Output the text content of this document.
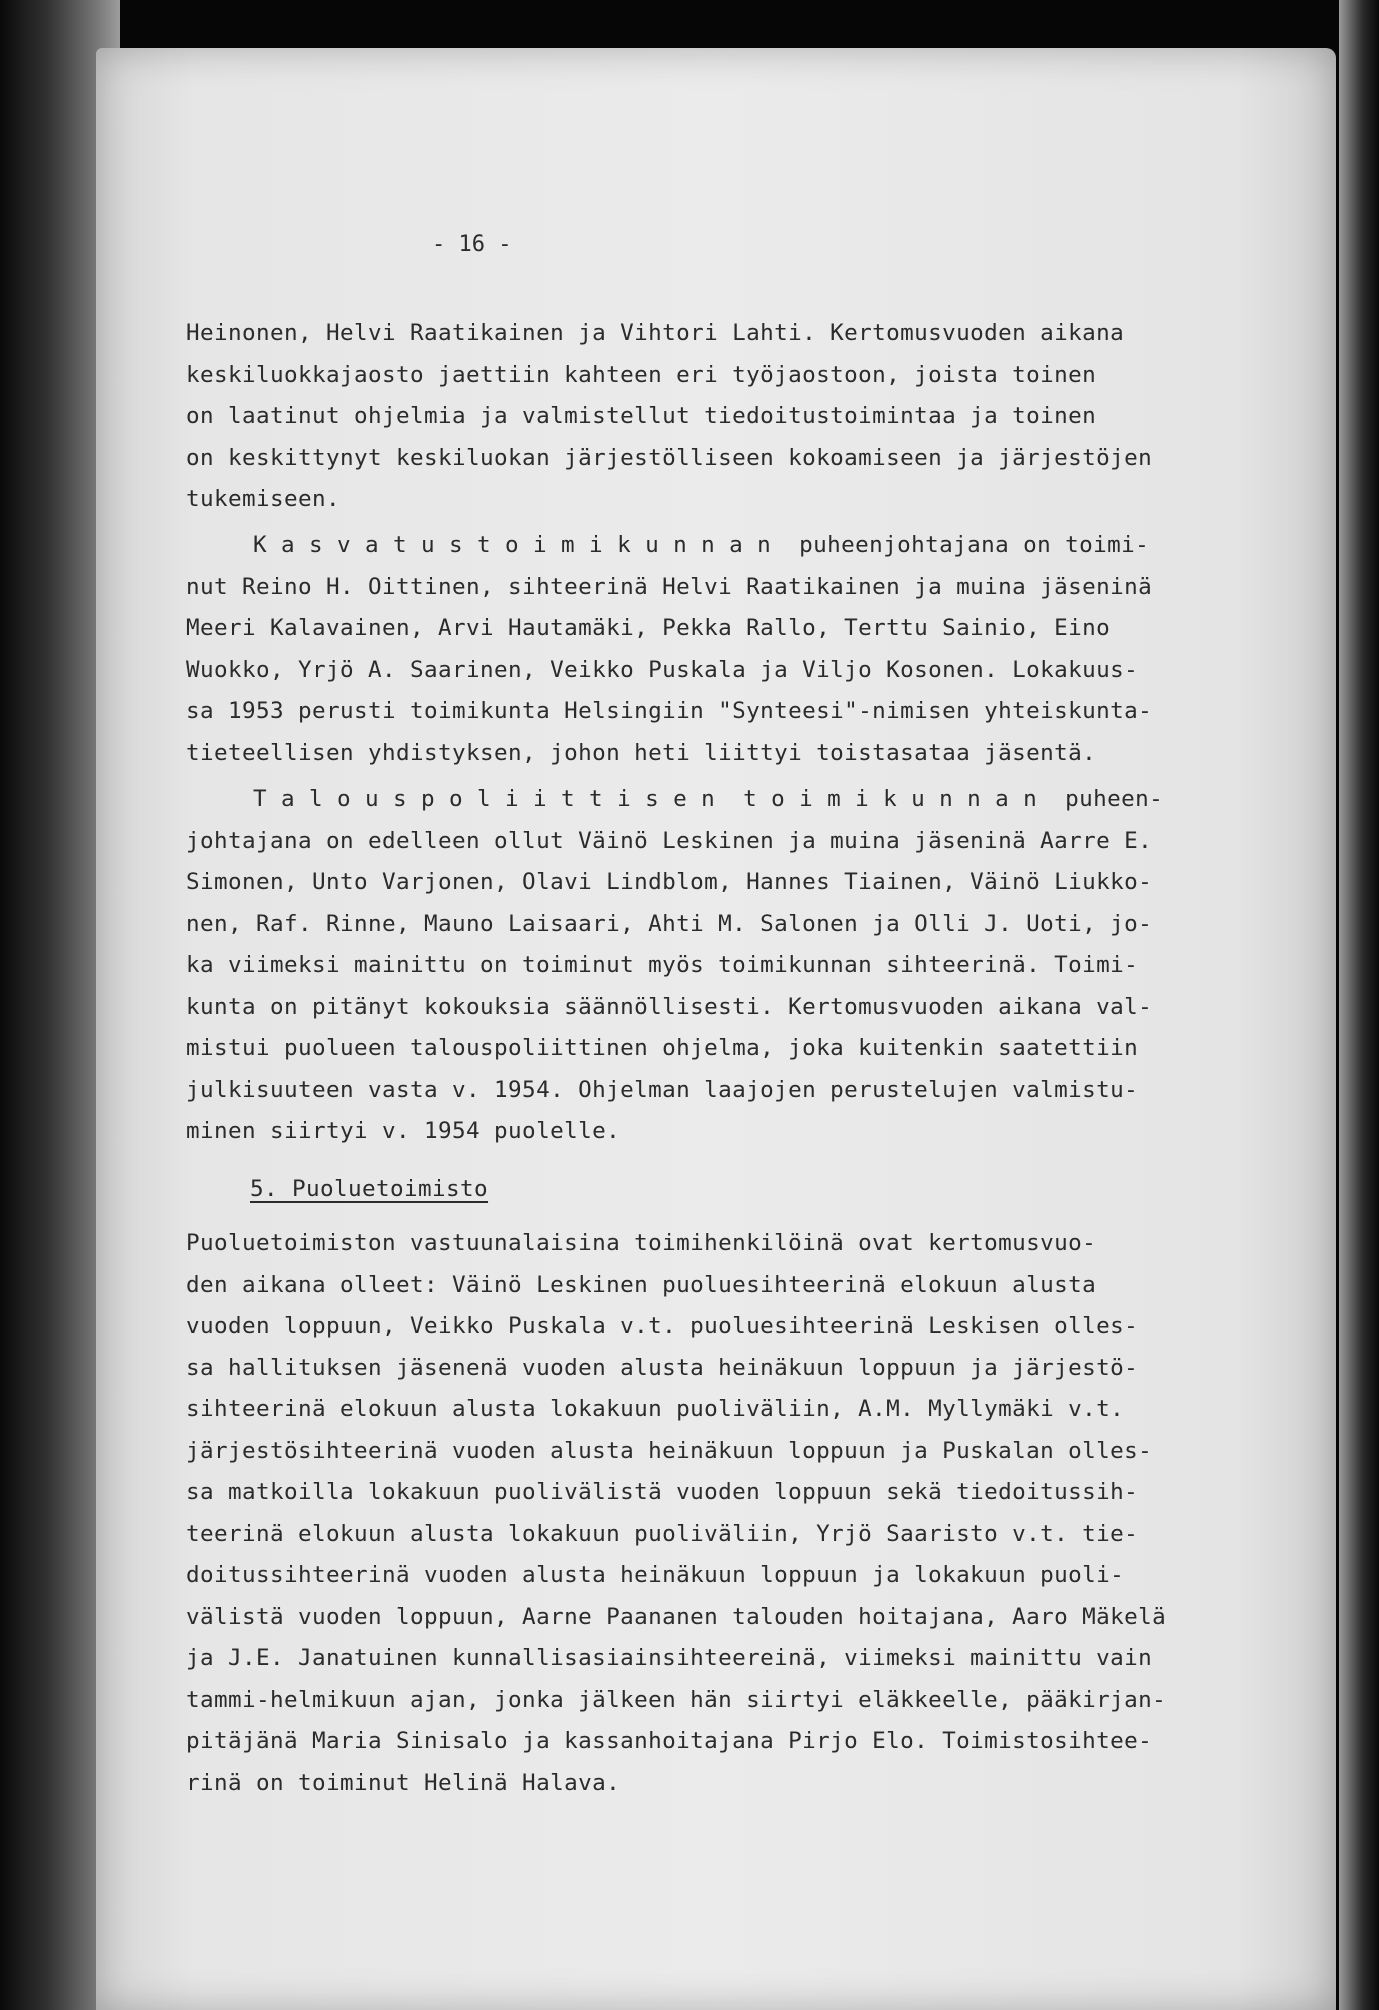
- 16 -
Heinonen, Helvi Raatikainen ja Vihtori Lahti. Kertomusvuoden aikana
keskiluokkajaosto jaettiin kahteen eri työjaostoon, joista toinen
on laatinut ohjelmia ja valmistellut tiedoitustoimintaa ja toinen
on keskittynyt keskiluokan järjestölliseen kokoamiseen ja järjestöjen
tukemiseen.
K a s v a t u s t o i m i k u n n a n  puheenjohtajana on toimi-
nut Reino H. Oittinen, sihteerinä Helvi Raatikainen ja muina jäseninä
Meeri Kalavainen, Arvi Hautamäki, Pekka Rallo, Terttu Sainio, Eino
Wuokko, Yrjö A. Saarinen, Veikko Puskala ja Viljo Kosonen. Lokakuus-
sa 1953 perusti toimikunta Helsingiin "Synteesi"-nimisen yhteiskunta-
tieteellisen yhdistyksen, johon heti liittyi toistasataa jäsentä.
T a l o u s p o l i i t t i s e n  t o i m i k u n n a n  puheen-
johtajana on edelleen ollut Väinö Leskinen ja muina jäseninä Aarre E.
Simonen, Unto Varjonen, Olavi Lindblom, Hannes Tiainen, Väinö Liukko-
nen, Raf. Rinne, Mauno Laisaari, Ahti M. Salonen ja Olli J. Uoti, jo-
ka viimeksi mainittu on toiminut myös toimikunnan sihteerinä. Toimi-
kunta on pitänyt kokouksia säännöllisesti. Kertomusvuoden aikana val-
mistui puolueen talouspoliittinen ohjelma, joka kuitenkin saatettiin
julkisuuteen vasta v. 1954. Ohjelman laajojen perustelujen valmistu-
minen siirtyi v. 1954 puolelle.
5. Puoluetoimisto
Puoluetoimiston vastuunalaisina toimihenkilöinä ovat kertomusvuo-
den aikana olleet: Väinö Leskinen puoluesihteerinä elokuun alusta
vuoden loppuun, Veikko Puskala v.t. puoluesihteerinä Leskisen olles-
sa hallituksen jäsenenä vuoden alusta heinäkuun loppuun ja järjestö-
sihteerinä elokuun alusta lokakuun puoliväliin, A.M. Myllymäki v.t.
järjestösihteerinä vuoden alusta heinäkuun loppuun ja Puskalan olles-
sa matkoilla lokakuun puolivälistä vuoden loppuun sekä tiedoitussih-
teerinä elokuun alusta lokakuun puoliväliin, Yrjö Saaristo v.t. tie-
doitussihteerinä vuoden alusta heinäkuun loppuun ja lokakuun puoli-
välistä vuoden loppuun, Aarne Paananen talouden hoitajana, Aaro Mäkelä
ja J.E. Janatuinen kunnallisasiainsihteereinä, viimeksi mainittu vain
tammi-helmikuun ajan, jonka jälkeen hän siirtyi eläkkeelle, pääkirjan-
pitäjänä Maria Sinisalo ja kassanhoitajana Pirjo Elo. Toimistosihtee-
rinä on toiminut Helinä Halava.
